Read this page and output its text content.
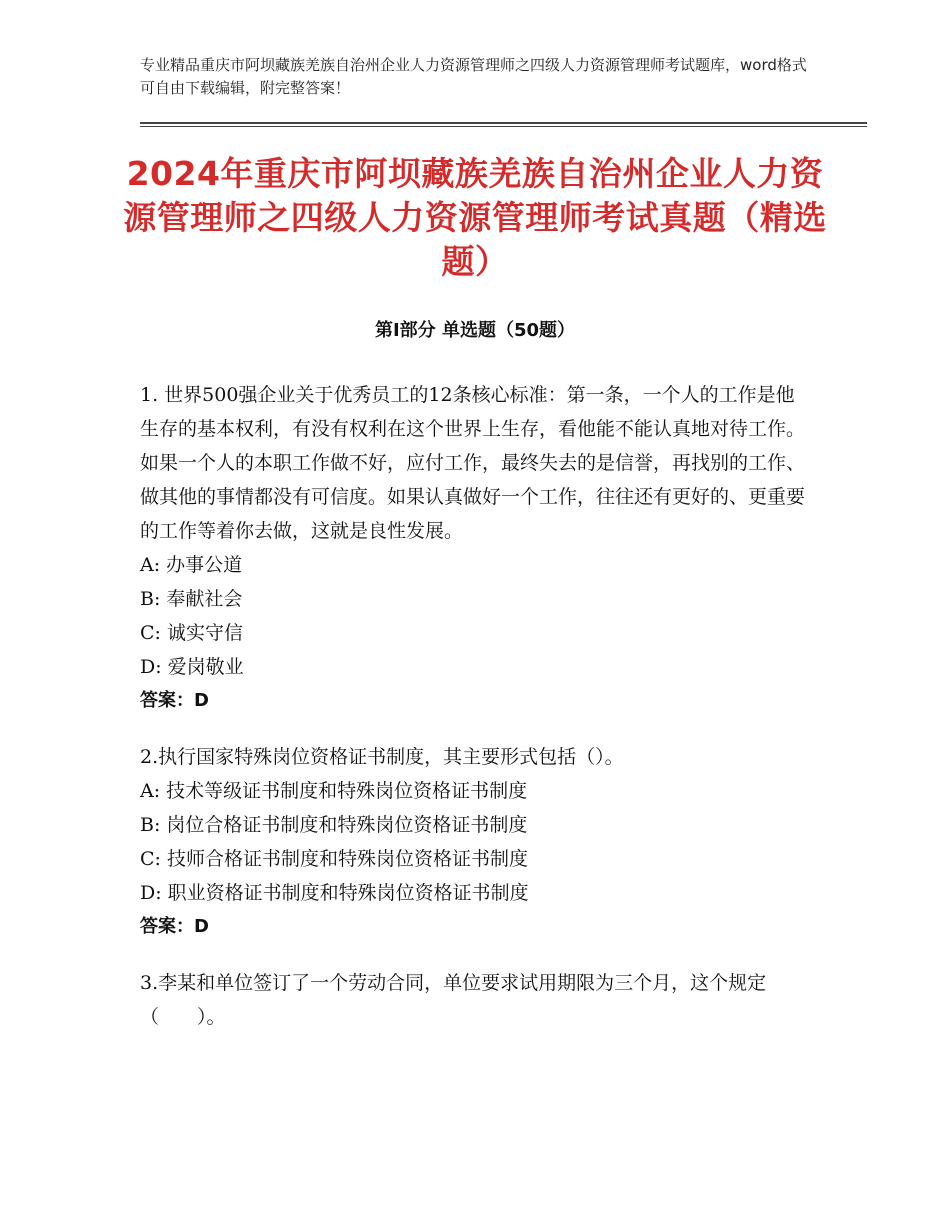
专业精品重庆市阿坝藏族羌族自治州企业人力资源管理师之四级人力资源管理师考试题库，word格式可自由下载编辑，附完整答案！
2024年重庆市阿坝藏族羌族自治州企业人力资源管理师之四级人力资源管理师考试真题（精选题）
第Ⅰ部分 单选题（50题）

1. 世界500强企业关于优秀员工的12条核心标准：第一条，一个人的工作是他生存的基本权利，有没有权利在这个世界上生存，看他能不能认真地对待工作。如果一个人的本职工作做不好，应付工作，最终失去的是信誉，再找别的工作、做其他的事情都没有可信度。如果认真做好一个工作，往往还有更好的、更重要的工作等着你去做，这就是良性发展。

A: 办事公道

B: 奉献社会

C: 诚实守信

D: 爱岗敬业

答案：D

2.执行国家特殊岗位资格证书制度，其主要形式包括（）。

A: 技术等级证书制度和特殊岗位资格证书制度

B: 岗位合格证书制度和特殊岗位资格证书制度

C: 技师合格证书制度和特殊岗位资格证书制度

D: 职业资格证书制度和特殊岗位资格证书制度

答案：D

3.李某和单位签订了一个劳动合同，单位要求试用期限为三个月，这个规定（　　）。
